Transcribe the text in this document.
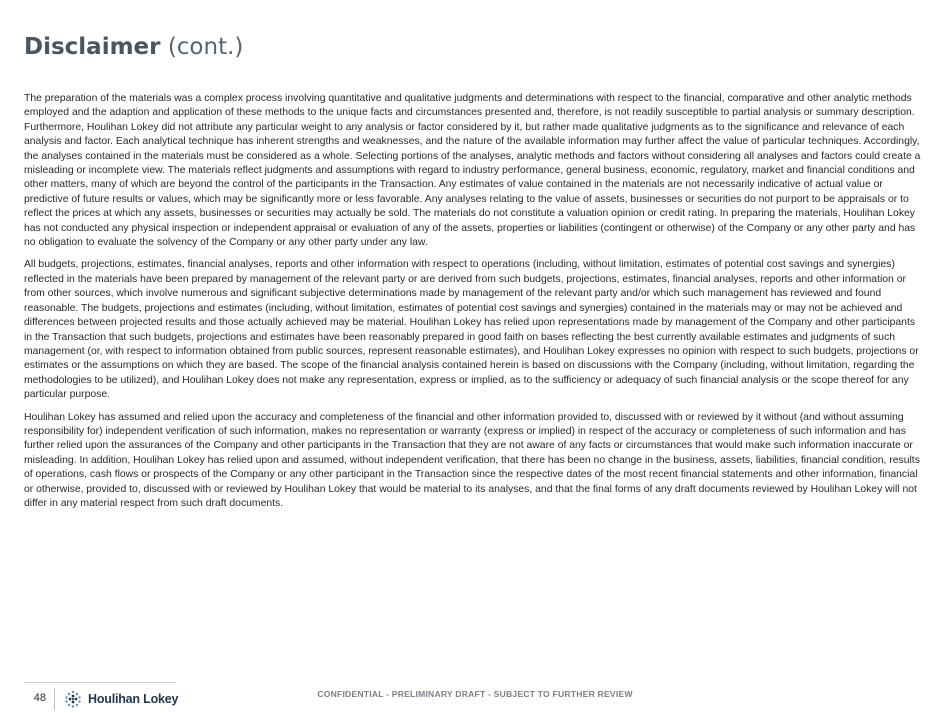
Disclaimer (cont.)

The preparation of the materials was a complex process involving quantitative and qualitative judgments and determinations with respect to the financial, comparative and other analytic methods employed and the adaption and application of these methods to the unique facts and circumstances presented and, therefore, is not readily susceptible to partial analysis or summary description. Furthermore, Houlihan Lokey did not attribute any particular weight to any analysis or factor considered by it, but rather made qualitative judgments as to the significance and relevance of each analysis and factor. Each analytical technique has inherent strengths and weaknesses, and the nature of the available information may further affect the value of particular techniques. Accordingly, the analyses contained in the materials must be considered as a whole. Selecting portions of the analyses, analytic methods and factors without considering all analyses and factors could create a misleading or incomplete view. The materials reflect judgments and assumptions with regard to industry performance, general business, economic, regulatory, market and financial conditions and other matters, many of which are beyond the control of the participants in the Transaction. Any estimates of value contained in the materials are not necessarily indicative of actual value or predictive of future results or values, which may be significantly more or less favorable. Any analyses relating to the value of assets, businesses or securities do not purport to be appraisals or to reflect the prices at which any assets, businesses or securities may actually be sold. The materials do not constitute a valuation opinion or credit rating. In preparing the materials, Houlihan Lokey has not conducted any physical inspection or independent appraisal or evaluation of any of the assets, properties or liabilities (contingent or otherwise) of the Company or any other party and has no obligation to evaluate the solvency of the Company or any other party under any law.

All budgets, projections, estimates, financial analyses, reports and other information with respect to operations (including, without limitation, estimates of potential cost savings and synergies) reflected in the materials have been prepared by management of the relevant party or are derived from such budgets, projections, estimates, financial analyses, reports and other information or from other sources, which involve numerous and significant subjective determinations made by management of the relevant party and/or which such management has reviewed and found reasonable. The budgets, projections and estimates (including, without limitation, estimates of potential cost savings and synergies) contained in the materials may or may not be achieved and differences between projected results and those actually achieved may be material. Houlihan Lokey has relied upon representations made by management of the Company and other participants in the Transaction that such budgets, projections and estimates have been reasonably prepared in good faith on bases reflecting the best currently available estimates and judgments of such management (or, with respect to information obtained from public sources, represent reasonable estimates), and Houlihan Lokey expresses no opinion with respect to such budgets, projections or estimates or the assumptions on which they are based. The scope of the financial analysis contained herein is based on discussions with the Company (including, without limitation, regarding the methodologies to be utilized), and Houlihan Lokey does not make any representation, express or implied, as to the sufficiency or adequacy of such financial analysis or the scope thereof for any particular purpose.

Houlihan Lokey has assumed and relied upon the accuracy and completeness of the financial and other information provided to, discussed with or reviewed by it without (and without assuming responsibility for) independent verification of such information, makes no representation or warranty (express or implied) in respect of the accuracy or completeness of such information and has further relied upon the assurances of the Company and other participants in the Transaction that they are not aware of any facts or circumstances that would make such information inaccurate or misleading. In addition, Houlihan Lokey has relied upon and assumed, without independent verification, that there has been no change in the business, assets, liabilities, financial condition, results of operations, cash flows or prospects of the Company or any other participant in the Transaction since the respective dates of the most recent financial statements and other information, financial or otherwise, provided to, discussed with or reviewed by Houlihan Lokey that would be material to its analyses, and that the final forms of any draft documents reviewed by Houlihan Lokey will not differ in any material respect from such draft documents.

48	Houlihan Lokey	CONFIDENTIAL - PRELIMINARY DRAFT - SUBJECT TO FURTHER REVIEW
